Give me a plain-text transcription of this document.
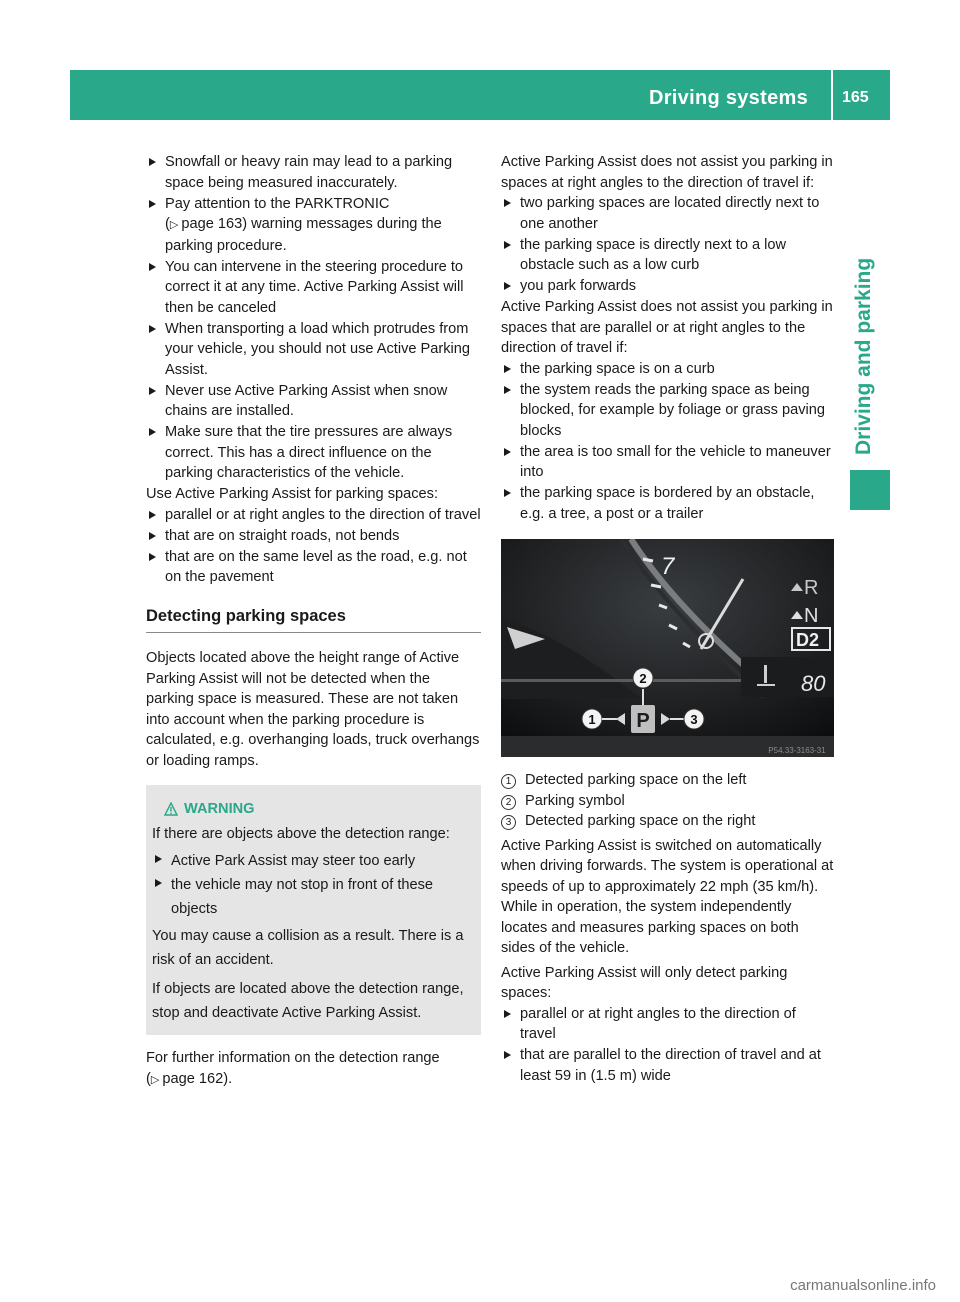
Driving systems 165
Driving and parking
Snowfall or heavy rain may lead to a parking space being measured inaccurately.
Pay attention to the PARKTRONIC
(▷ page 163) warning messages during the parking procedure.
You can intervene in the steering procedure to correct it at any time. Active Parking Assist will then be canceled
When transporting a load which protrudes from your vehicle, you should not use Active Parking Assist.
Never use Active Parking Assist when snow chains are installed.
Make sure that the tire pressures are always correct. This has a direct influence on the parking characteristics of the vehicle.

Use Active Parking Assist for parking spaces:

parallel or at right angles to the direction of travel
that are on straight roads, not bends
that are on the same level as the road, e.g. not on the pavement
Detecting parking spaces

Objects located above the height range of Active Parking Assist will not be detected when the parking space is measured. These are not taken into account when the parking procedure is calculated, e.g. overhanging loads, truck overhangs or loading ramps.

WARNING

If there are objects above the detection range:

Active Park Assist may steer too early
the vehicle may not stop in front of these objects

You may cause a collision as a result. There is a risk of an accident.

If objects are located above the detection range, stop and deactivate Active Parking Assist.

For further information on the detection range

(▷ page 162).

Active Parking Assist does not assist you parking in spaces at right angles to the direction of travel if:

two parking spaces are located directly next to one another
the parking space is directly next to a low obstacle such as a low curb
you park forwards

Active Parking Assist does not assist you parking in spaces that are parallel or at right angles to the direction of travel if:

the parking space is on a curb
the system reads the parking space as being blocked, for example by foliage or grass paving blocks
the area is too small for the vehicle to maneuver into
the parking space is bordered by an obstacle, e.g. a tree, a post or a trailer
7
P54.33-3163-31
R
N
D2
80
1 P
2
3
1 Detected parking space on the left
2 Parking symbol
3 Detected parking space on the right

Active Parking Assist is switched on automatically when driving forwards. The system is operational at speeds of up to approximately 22 mph (35 km/h). While in operation, the system independently locates and measures parking spaces on both sides of the vehicle.

Active Parking Assist will only detect parking spaces:

parallel or at right angles to the direction of travel
that are parallel to the direction of travel and at least 59 in (1.5 m) wide
carmanualsonline.info
